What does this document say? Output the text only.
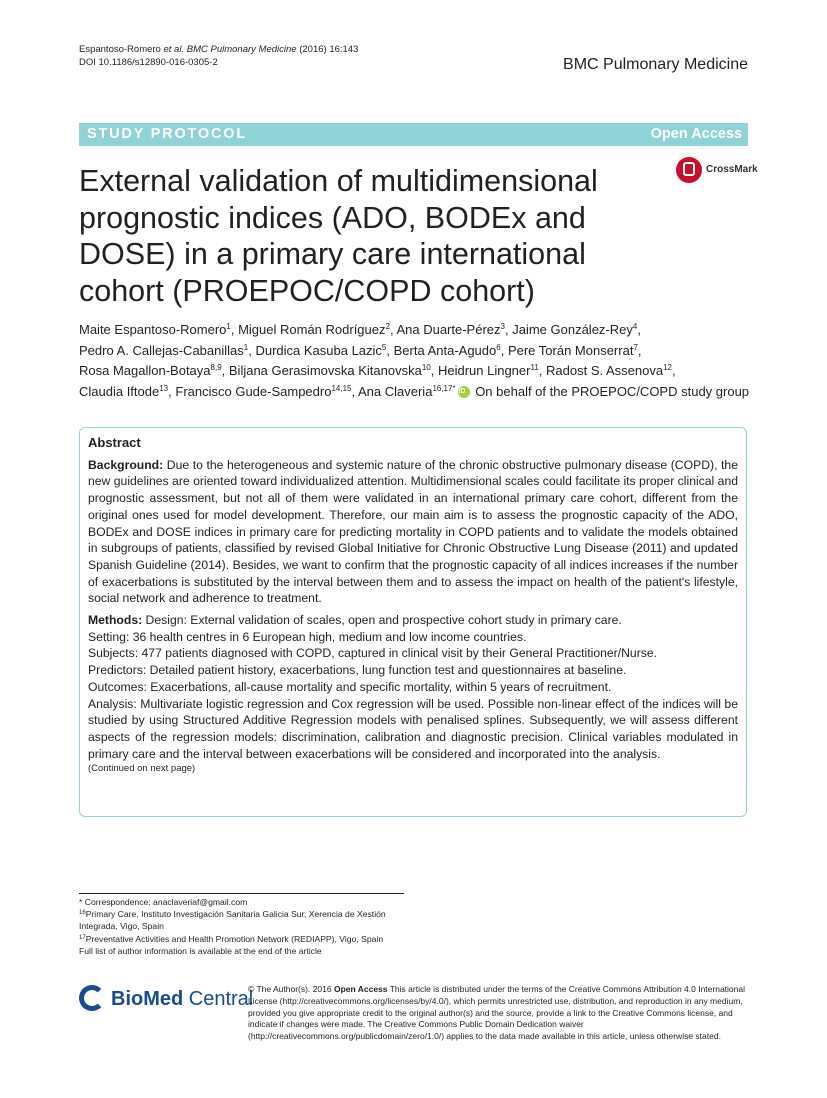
Espantoso-Romero et al. BMC Pulmonary Medicine (2016) 16:143
DOI 10.1186/s12890-016-0305-2	BMC Pulmonary Medicine
STUDY PROTOCOL	Open Access
CrossMark
External validation of multidimensional prognostic indices (ADO, BODEx and DOSE) in a primary care international cohort (PROEPOC/COPD cohort)
Maite Espantoso-Romero$^1$, Miguel Román Rodríguez$^2$, Ana Duarte-Pérez$^3$, Jaime González-Rey$^4$,
Pedro A. Callejas-Cabanillas$^1$, Durdica Kasuba Lazic$^5$, Berta Anta-Agudo$^6$, Pere Torán Monserrat$^7$,
Rosa Magallon-Botaya$^{8,9}$, Biljana Gerasimovska Kitanovska$^{10}$, Heidrun Lingner$^{11}$, Radost S. Assenova$^{12}$,
Claudia Iftode$^{13}$, Francisco Gude-Sampedro$^{14,15}$, Ana Claveria$^{16,17*}$iD On behalf of the PROEPOC/COPD study group
Abstract

Background: Due to the heterogeneous and systemic nature of the chronic obstructive pulmonary disease (COPD), the new guidelines are oriented toward individualized attention. Multidimensional scales could facilitate its proper clinical and prognostic assessment, but not all of them were validated in an international primary care cohort, different from the original ones used for model development. Therefore, our main aim is to assess the prognostic capacity of the ADO, BODEx and DOSE indices in primary care for predicting mortality in COPD patients and to validate the models obtained in subgroups of patients, classified by revised Global Initiative for Chronic Obstructive Lung Disease (2011) and updated Spanish Guideline (2014). Besides, we want to confirm that the prognostic capacity of all indices increases if the number of exacerbations is substituted by the interval between them and to assess the impact on health of the patient's lifestyle, social network and adherence to treatment.

Methods: Design: External validation of scales, open and prospective cohort study in primary care.

Setting: 36 health centres in 6 European high, medium and low income countries.

Subjects: 477 patients diagnosed with COPD, captured in clinical visit by their General Practitioner/Nurse.

Predictors: Detailed patient history, exacerbations, lung function test and questionnaires at baseline.

Outcomes: Exacerbations, all-cause mortality and specific mortality, within 5 years of recruitment.

Analysis: Multivariate logistic regression and Cox regression will be used. Possible non-linear effect of the indices will be studied by using Structured Additive Regression models with penalised splines. Subsequently, we will assess different aspects of the regression models: discrimination, calibration and diagnostic precision. Clinical variables modulated in primary care and the interval between exacerbations will be considered and incorporated into the analysis.

(Continued on next page)

* Correspondence: anaclaveriaf@gmail.com
$^{16}$Primary Care, Instituto Investigación Sanitaria Galicia Sur, Xerencia de Xestión Integrada, Vigo, Spain
$^{17}$Preventative Activities and Health Promotion Network (REDIAPP), Vigo, Spain
Full list of author information is available at the end of the article
BioMed Central
© The Author(s). 2016 Open Access This article is distributed under the terms of the Creative Commons Attribution 4.0 International License (http://creativecommons.org/licenses/by/4.0/), which permits unrestricted use, distribution, and reproduction in any medium, provided you give appropriate credit to the original author(s) and the source, provide a link to the Creative Commons license, and indicate if changes were made. The Creative Commons Public Domain Dedication waiver (http://creativecommons.org/publicdomain/zero/1.0/) applies to the data made available in this article, unless otherwise stated.
